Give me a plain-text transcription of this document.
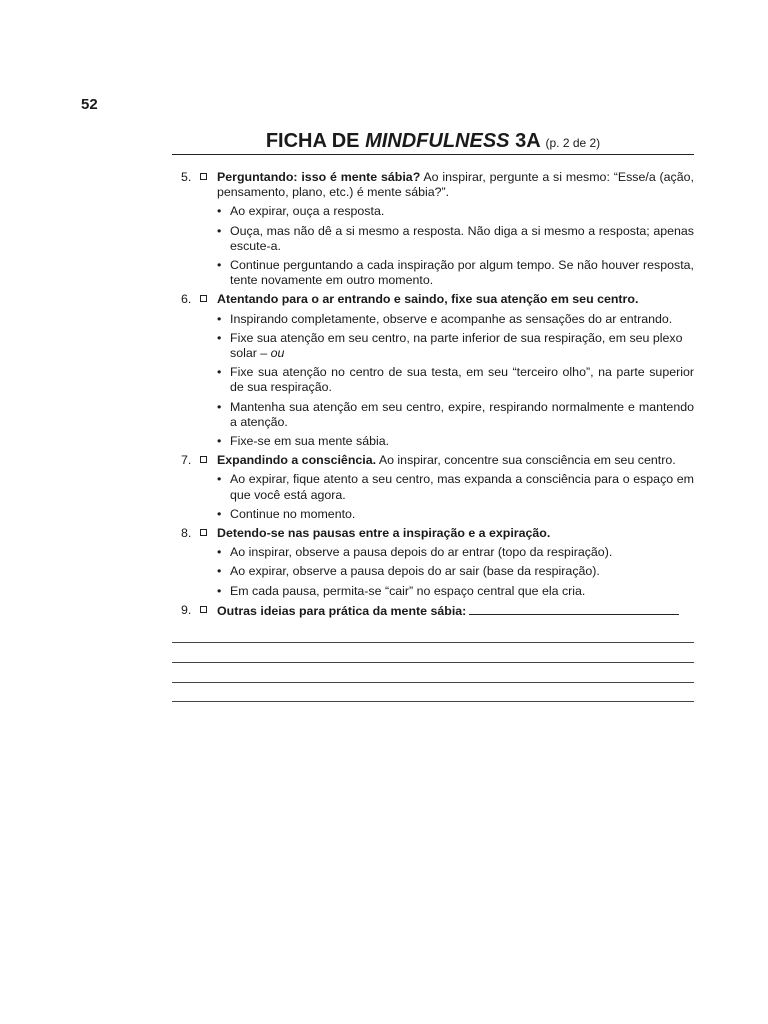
52
FICHA DE MINDFULNESS 3A (p. 2 de 2)
5. Perguntando: isso é mente sábia? Ao inspirar, pergunte a si mesmo: “Esse/a (ação, pensamento, plano, etc.) é mente sábia?”.
• Ao expirar, ouça a resposta.
• Ouça, mas não dê a si mesmo a resposta. Não diga a si mesmo a resposta; apenas escute-a.
• Continue perguntando a cada inspiração por algum tempo. Se não houver resposta, tente novamente em outro momento.
6. Atentando para o ar entrando e saindo, fixe sua atenção em seu centro.
• Inspirando completamente, observe e acompanhe as sensações do ar entrando.
• Fixe sua atenção em seu centro, na parte inferior de sua respiração, em seu plexo solar – ou
• Fixe sua atenção no centro de sua testa, em seu “terceiro olho”, na parte superior de sua respiração.
• Mantenha sua atenção em seu centro, expire, respirando normalmente e mantendo a atenção.
• Fixe-se em sua mente sábia.
7. Expandindo a consciência. Ao inspirar, concentre sua consciência em seu centro.
• Ao expirar, fique atento a seu centro, mas expanda a consciência para o espaço em que você está agora.
• Continue no momento.
8. Detendo-se nas pausas entre a inspiração e a expiração.
• Ao inspirar, observe a pausa depois do ar entrar (topo da respiração).
• Ao expirar, observe a pausa depois do ar sair (base da respiração).
• Em cada pausa, permita-se “cair” no espaço central que ela cria.
9. Outras ideias para prática da mente sábia:
